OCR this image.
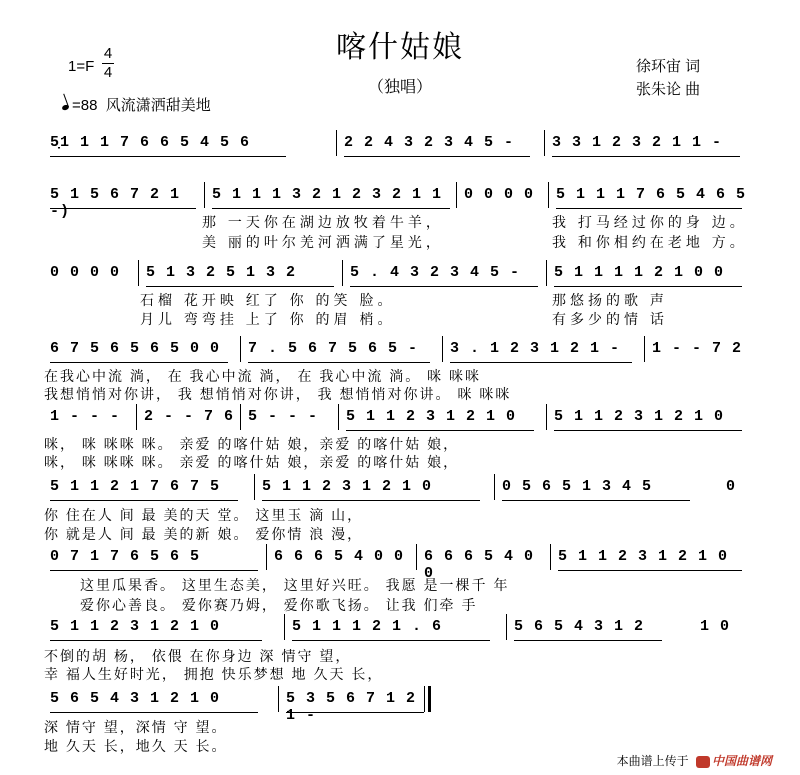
喀什姑娘
（独唱）
1=F
4
4
=88 风流潇洒甜美地
徐环宙 词
张朱论 曲
5̣1 1 1 7 6 6 5 4 5 6	2 2 4 3 2 3 4 5 -	3 3 1 2 3 2 1 1 -
5 1 5 6 7 2 1 -)
5 1 1 1 3 2 1 2 3 2 1 1 0 0 0 0 5 1 1 1 7 6 5 4 6 5
那 一天你在湖边放牧着牛羊，
美 丽的叶尔羌河洒满了星光，
我 打马经过你的身 边。
我 和你相约在老地 方。
0 0 0 0 5 1 3 2 5 1 3 2	5 . 4 3 2 3 4 5 - 5 1 1 1 1 2 1 0 0
石榴 花开映 红了 你 的笑 脸。
月儿 弯弯挂 上了 你 的眉 梢。
那悠扬的歌 声
有多少的情 话
6 7 5 6 5 6 5 0 0 7 . 5 6 7 5 6 5 - 3 . 1 2 3 1 2 1 - 1 - - 7 2
在我心中流 淌， 在 我心中流 淌， 在 我心中流 淌。 咪 咪咪
我想悄悄对你讲， 我 想悄悄对你讲， 我 想悄悄对你讲。 咪 咪咪
1 - - - 2 - - 7 6 5 - - - 5 1 1 2 3 1 2 1 0	5 1 1 2 3 1 2 1 0
咪， 咪 咪咪 咪。 亲爱 的喀什姑 娘，亲爱 的喀什姑 娘，
咪， 咪 咪咪 咪。 亲爱 的喀什姑 娘，亲爱 的喀什姑 娘，
5 1 1 2 1 7 6 7 5	5 1 1 2 3 1 2 1 0	0 5 6 5 1 3 4 5	0
你 住在人 间 最 美的天 堂。 这里玉 滴 山，
你 就是人 间 最 美的新 娘。 爱你情 浪 漫，
0 7 1 7 6 5 6 5	6 6 6 5 4 0 0 6 6 6 5 4 0 0
5 1 1 2 3 1 2 1 0
这里瓜果香。 这里生态美， 这里好兴旺。 我愿 是一棵千 年
爱你心善良。 爱你赛乃姆， 爱你歌飞扬。 让我 们牵 手
5 1 1 2 3 1 2 1 0	5 1 1 1 2 1 . 6	5 6 5 4 3 1 2	1 0
不倒的胡 杨， 依偎 在你身边 深 情守 望，
幸 福人生好时光， 拥抱 快乐梦想 地 久天 长，
5 6 5 4 3 1 2 1 0	5 3 5 6 7 1 2 1 -
深 情守 望，深情 守 望。
地 久天 长，地久 天 长。
本曲谱上传于 中国曲谱网
